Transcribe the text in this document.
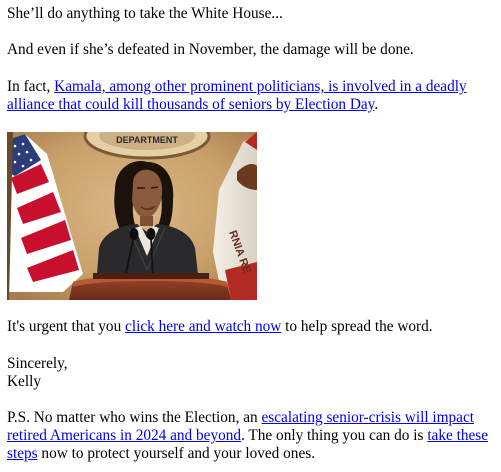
She’ll do anything to take the White House...

And even if she’s defeated in November, the damage will be done.

In fact, Kamala, among other prominent politicians, is involved in a deadly alliance that could kill thousands of seniors by Election Day.

DEPARTMENT
RNIA RE

It's urgent that you click here and watch now to help spread the word.

Sincerely,
Kelly

P.S. No matter who wins the Election, an escalating senior-crisis will impact retired Americans in 2024 and beyond. The only thing you can do is take these steps now to protect yourself and your loved ones.
